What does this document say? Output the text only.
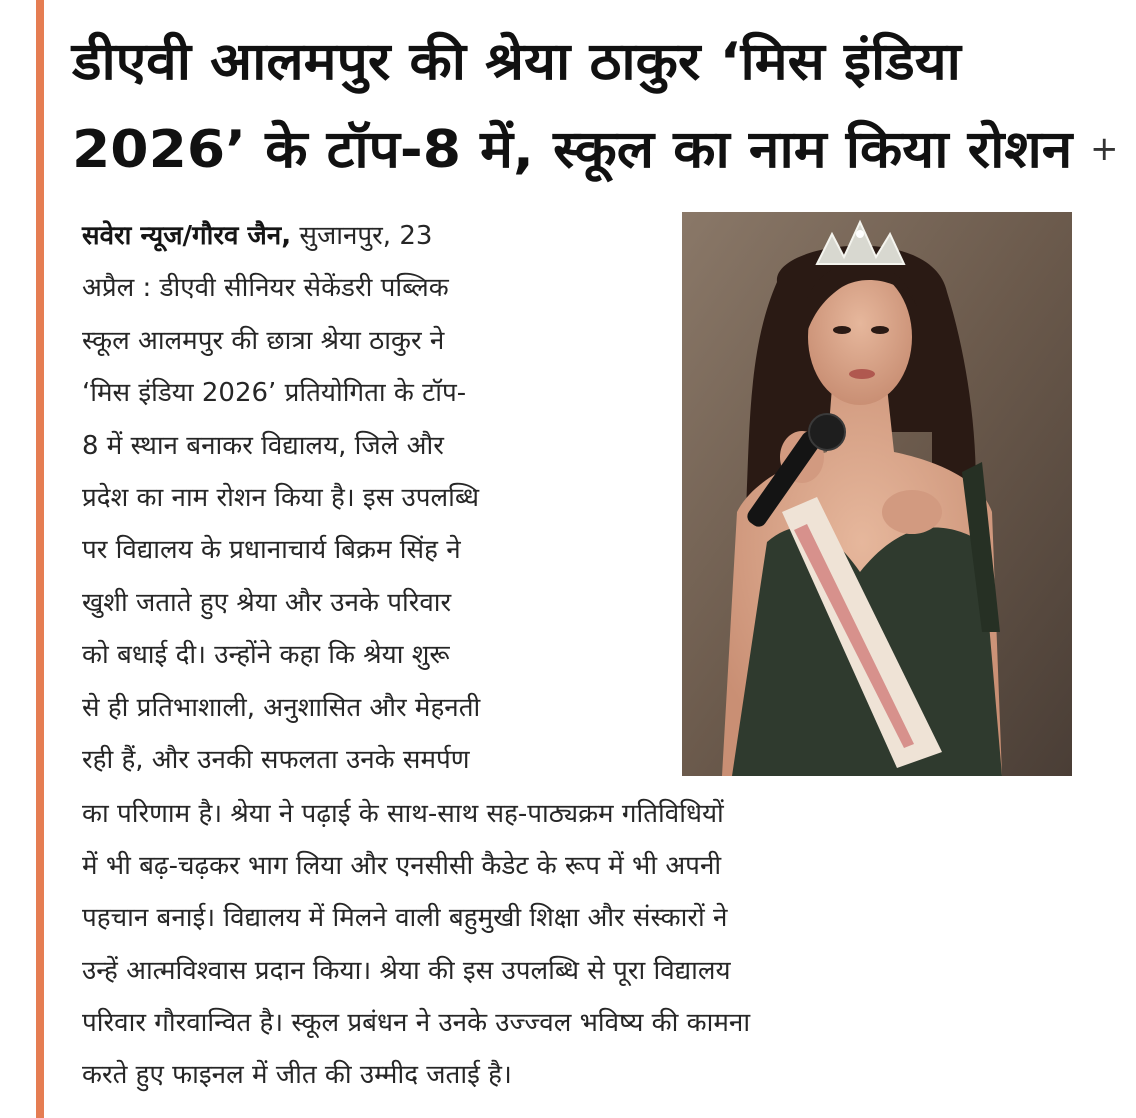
डीएवी आलमपुर की श्रेया ठाकुर ‘मिस इंडिया
2026’ के टॉप-8 में, स्कूल का नाम किया रोशन +
सवेरा न्यूज/गौरव जैन, सुजानपुर, 23
अप्रैल : डीएवी सीनियर सेकेंडरी पब्लिक
स्कूल आलमपुर की छात्रा श्रेया ठाकुर ने
‘मिस इंडिया 2026’ प्रतियोगिता के टॉप-
8 में स्थान बनाकर विद्यालय, जिले और
प्रदेश का नाम रोशन किया है। इस उपलब्धि
पर विद्यालय के प्रधानाचार्य बिक्रम सिंह ने
खुशी जताते हुए श्रेया और उनके परिवार
को बधाई दी। उन्होंने कहा कि श्रेया शुरू
से ही प्रतिभाशाली, अनुशासित और मेहनती
रही हैं, और उनकी सफलता उनके समर्पण
का परिणाम है। श्रेया ने पढ़ाई के साथ-साथ सह-पाठ्यक्रम गतिविधियों
में भी बढ़-चढ़कर भाग लिया और एनसीसी कैडेट के रूप में भी अपनी
पहचान बनाई। विद्यालय में मिलने वाली बहुमुखी शिक्षा और संस्कारों ने
उन्हें आत्मविश्वास प्रदान किया। श्रेया की इस उपलब्धि से पूरा विद्यालय
परिवार गौरवान्वित है। स्कूल प्रबंधन ने उनके उज्ज्वल भविष्य की कामना
करते हुए फाइनल में जीत की उम्मीद जताई है।
